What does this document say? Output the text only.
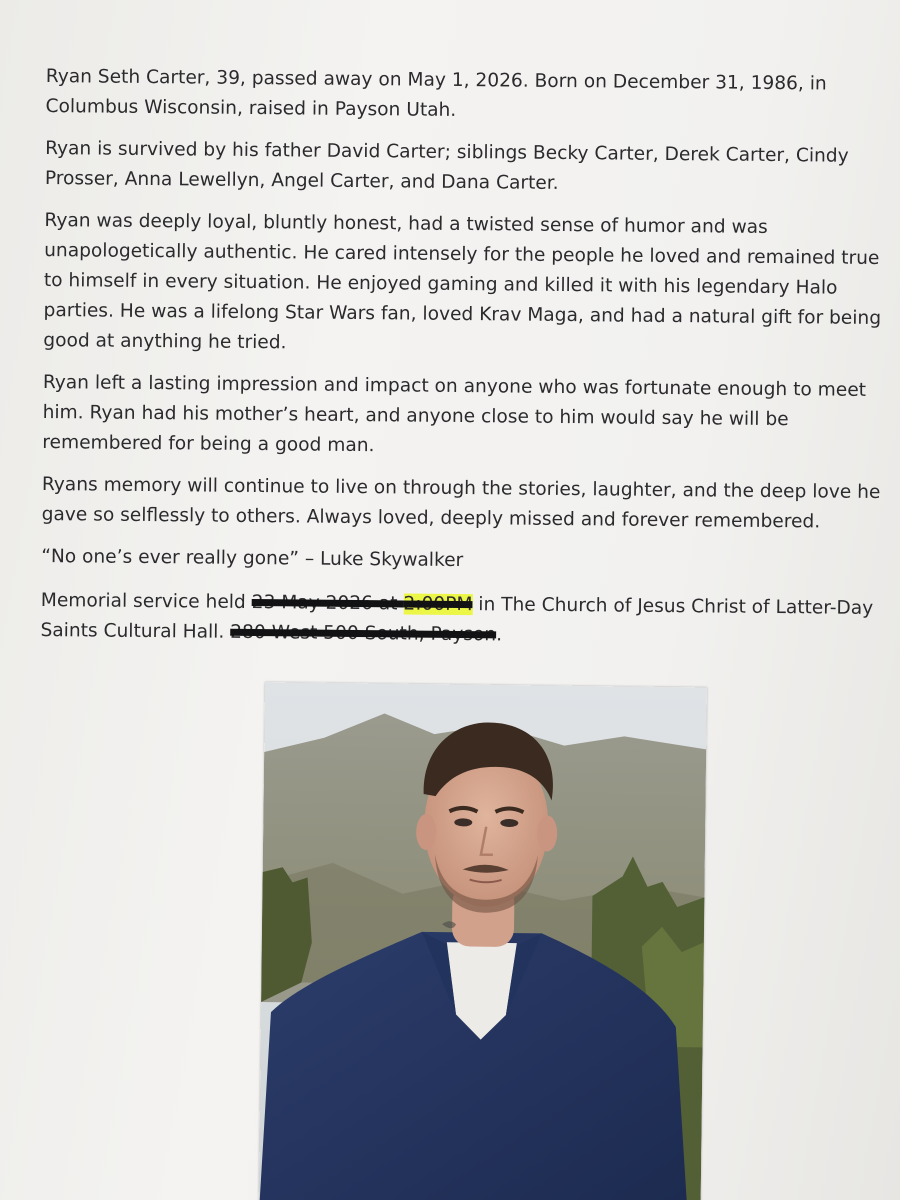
Ryan Seth Carter, 39, passed away on May 1, 2026. Born on December 31, 1986, in Columbus Wisconsin, raised in Payson Utah.

Ryan is survived by his father David Carter; siblings Becky Carter, Derek Carter, Cindy Prosser, Anna Lewellyn, Angel Carter, and Dana Carter.

Ryan was deeply loyal, bluntly honest, had a twisted sense of humor and was unapologetically authentic. He cared intensely for the people he loved and remained true to himself in every situation. He enjoyed gaming and killed it with his legendary Halo parties. He was a lifelong Star Wars fan, loved Krav Maga, and had a natural gift for being good at anything he tried.

Ryan left a lasting impression and impact on anyone who was fortunate enough to meet him. Ryan had his mother’s heart, and anyone close to him would say he will be remembered for being a good man.

Ryans memory will continue to live on through the stories, laughter, and the deep love he gave so selflessly to others. Always loved, deeply missed and forever remembered.

“No one’s ever really gone” – Luke Skywalker

Memorial service held 23 May 2026 at 2:00PM in The Church of Jesus Christ of Latter-Day Saints Cultural Hall. 280 West 500 South, Payson.
